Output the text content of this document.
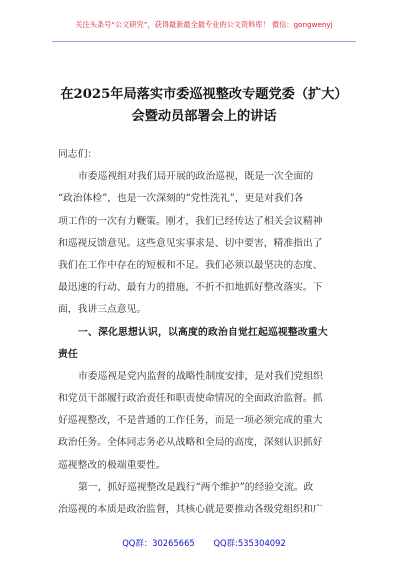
关注头条号“公文研究”，获得最新最全最专业的公文资料库！ 微信：gongwenyj
在2025年局落实市委巡视整改专题党委（扩大）
会暨动员部署会上的讲话
同志们：
市委巡视组对我们局开展的政治巡视，既是一次全面的
“政治体检”，也是一次深刻的“党性洗礼”，更是对我们各
项工作的一次有力鞭策。刚才，我们已经传达了相关会议精神
和巡视反馈意见。这些意见实事求是、切中要害，精准指出了
我们在工作中存在的短板和不足。我们必须以最坚决的态度、
最迅速的行动、最有力的措施，不折不扣地抓好整改落实。下
面，我讲三点意见。
一、深化思想认识，以高度的政治自觉扛起巡视整改重大
责任
市委巡视是党内监督的战略性制度安排，是对我们党组织
和党员干部履行政治责任和职责使命情况的全面政治监督。抓
好巡视整改，不是普通的工作任务，而是一项必须完成的重大
政治任务。全体同志务必从战略和全局的高度，深刻认识抓好
巡视整改的极端重要性。
第一，抓好巡视整改是践行“两个维护”的经验交流。政
治巡视的本质是政治监督，其核心就是要推动各级党组织和广
QQ群：30265665 QQ群:535304092
